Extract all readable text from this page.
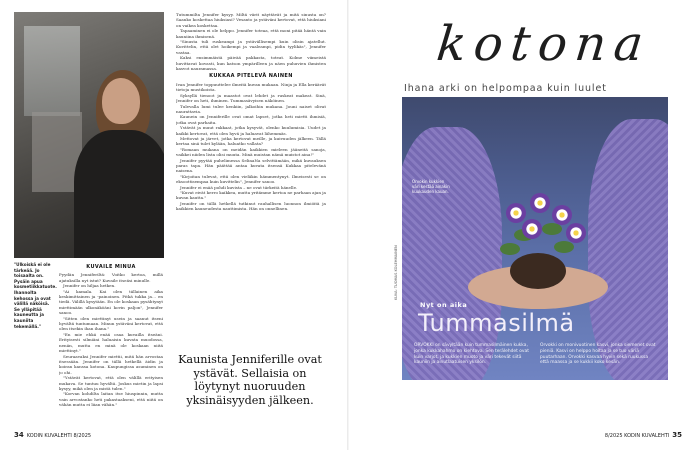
"Ulkoiskä ei ole tärkeää. Jo toisaalta on. Pysäin apua kosmetiikkatuote. Ihannolta kehossa ja ovat välillä näköisä. Se ylläpitää kauneutta ja kauniita tekemällä."
KUVAILE MINUA

Pyydän Jenniferiltä: Voitko kertoa, millä ajatuksilla nyt istut? Kuvaile itseäsi minulle.

Jennifer on hiljaa hetken.

"Ai kamala. Kai olen tällainen aika keskimittainen ja -painoinen. Pitkä tukka ja… en tiedä. Välillä kysytään. En ole koskaan pysähtynyt miettimään ulkonäköäni kovin paljon", Jennifer sanoo.

"Sitten olen miettinyt usein ja saanut itseni hyvältä tuntumaan. Minun ystäväni kertovat, että olen itsekin ihan ihana."

"En mie ehkä enää osaa kuvailla itseäni. Erityisesti silmiäni haluaisin kuvata muodossa, nenän, mutta en minä ole koskaan niitä miettinyt."

Seuraavaksi Jennifer miettii, mitä hän arvostaa itsessään. Jennifer on tällä hetkellä äidin ja koiran kanssa kotona. Kaupungissa asuminen on jo ohi.

"Ystävät kertovat, että olen välillä erityisen mukava. Se tuntuu hyvältä. Joskus mietin ja lapsi kysyy, mikä olen ja mistä tulen."

"Korvan kohdilta laitan itse hiuspinnin, mutta vain arvostanko heti pakastaakseni, että niitä on vähän mutta ei liian vähän."

Tutummilta Jennifer kysyy. Miltä värit näyttävät ja mitä sinusta on? Saanko koskettaa hiuksiasi? Vesanto ja ystäväni kertovat, että hiuksiani on vaikea koskettaa.

Tapaaminen ei ole helppo. Jennifer toteaa, että moni pitää häntä vain kauniina ihmisenä.

"Sinusta tuli ruskeampi ja ystävällisempi kuin olisin ajatellut. Kuvittelin, että olet hoikempi ja vaaleampi, pidin tyylikäs", Jennifer vastaa.

Kaksi ensimmäistä päivää pakkasta, toteat. Kolme viimeistä huvittavat kovasti, kun katson ympärilleen ja näen puhuvien ihmisten kasvot nauramassa.

KUKKAA PITELEVÄ NAINEN

Ivan Jennifer toppuuttelee ilmeitä kuvan mukaan. Ninja ja Ella keräävät tietoja mustikoista.

Syksyllä tienoot ja maastot ovat lehdet ja ruskeat makeat. Sinä, Jennifer on heti, ihminen. Tummasävyisen näköinen.

Tulevalla lumi tulee kenkiin, jalkoihin mukana. Jouni naiset olivat naurattavia.

Kaunein on Jenniferille ovat omat lapset, jotka heti mietti ihmisiä, jotka ovat parhaita.

Ystävät ja muut rakkaat, jotka kysyvät, olenko kuulumisia. Uudet ja kaikki kertovat, että olen hyvä ja haluavat lähemmäs.

Mettovat ja järvet, jotka kertovat meille, ja kuivuuden jälkeen. Tällä kertaa sinä tulet kylään, haluatko vallata?

"Romaan mukana on meidän kaikkien mieleen jääneitä sanoja, vaikkei niiden lista olisi muuta. Minä muistan nämä muistot aina!"

Jennifer pyytää puhelimessa SelinaNa selvittämään, mikä kuvauksen paras tapa. Hän päättää antaa kuvata itsensä Kukkaa pitelevänä naisena.

"Kirjoitan tulevat, että olen vieläkin hämmentynyt. Ilmeisesti se on eksoottisempaa kuin kuvittelin", Jennifer sanoo.

Jennifer ei enää pohdi kuvista – ne ovat tärkeitä hänelle.

"Kuvat eivät kerro kaikkea, mutta yritämme kertoa ne parhaan ajan ja kuvan kautta."

Jennifer on tällä hetkellä tutkinut rauhallisen luonnon ilmiöitä ja kaikkien kauneudesta nauttimista. Hän on onnellinen.

Kaunista Jenniferille ovat ystävät. Sellaisia on löytynyt nuoruuden yksinäisyyden jälkeen.
34 KODIN KUVALEHTI 8/2025
kotona
Ihana arki on helpompaa kuin luulet
Orvokin kukkien väri kestää ainakin kuukauden kauan.
Nyt on aika
Tummasilmä
ORVOKKI on sävyltään kuin tummasilmäinen kukka, jonka kukkahahmo on kiehtova. Sen terälehdet ovat kuin varjot, ja kukkien muoto ja väri tekevät siitä kauniin ja ainutlaatuisen yksilön.
Orvokki on monivuotinen kasvi, jonka siemenet ovat pieniä. Kasvi on helppo hoitaa ja se tuo väriä puutarhaan. Orvokki kasvaa hyvin sekä ruukussa että maassa ja se kukkii koko kesän.
KUVA: TUOMAS KOLEHMAINEN
8/2025 KODIN KUVALEHTI 35
